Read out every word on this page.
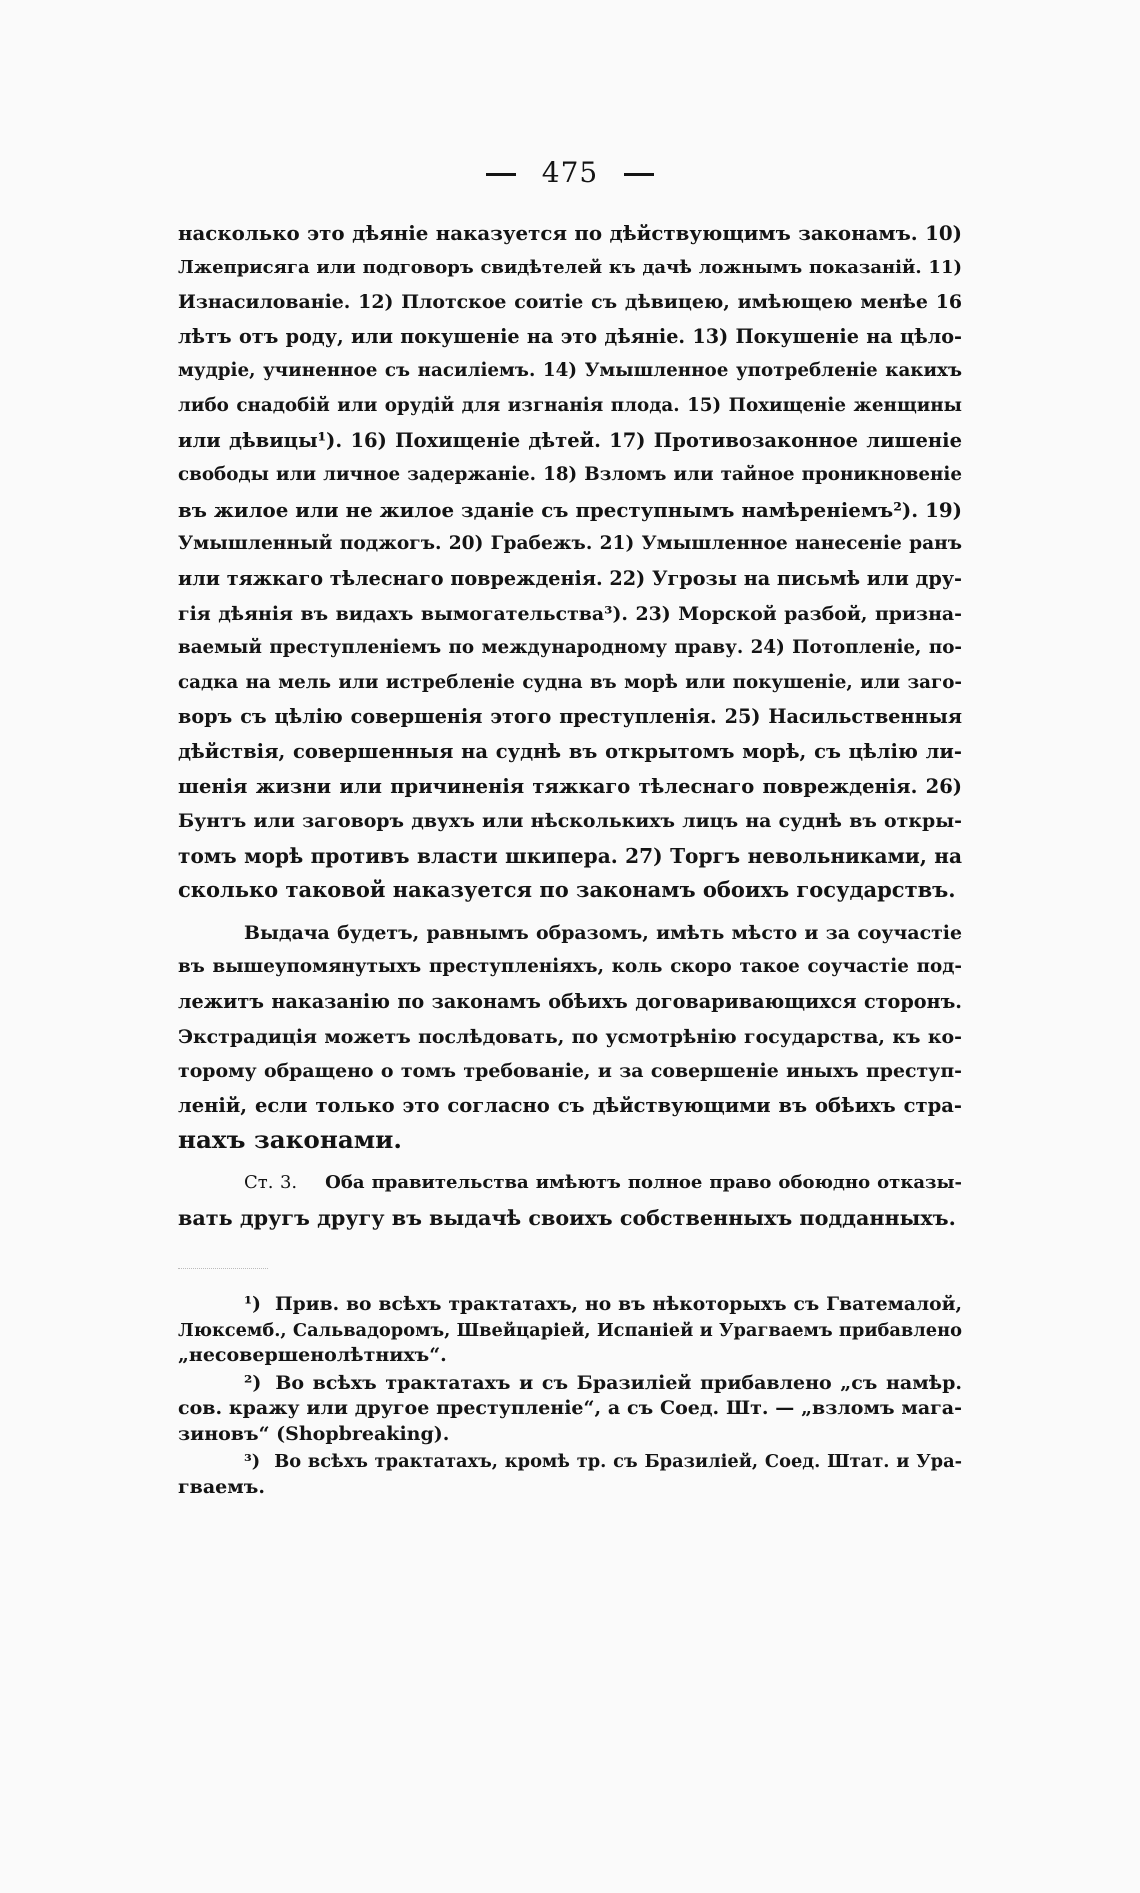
475

насколько это дѣяніе наказуется по дѣйствующимъ законамъ. 10)
Лжеприсяга или подговоръ свидѣтелей къ дачѣ ложнымъ показаній. 11)
Изнасилованіе. 12) Плотское соитіе съ дѣвицею, имѣющею менѣе 16
лѣтъ отъ роду, или покушеніе на это дѣяніе. 13) Покушеніе на цѣло-
мудріе, учиненное съ насиліемъ. 14) Умышленное употребленіе какихъ
либо снадобій или орудій для изгнанія плода. 15) Похищеніе женщины
или дѣвицы¹). 16) Похищеніе дѣтей. 17) Противозаконное лишеніе
свободы или личное задержаніе. 18) Взломъ или тайное проникновеніе
въ жилое или не жилое зданіе съ преступнымъ намѣреніемъ²). 19)
Умышленный поджогъ. 20) Грабежъ. 21) Умышленное нанесеніе ранъ
или тяжкаго тѣлеснаго поврежденія. 22) Угрозы на письмѣ или дру-
гія дѣянія въ видахъ вымогательства³). 23) Морской разбой, призна-
ваемый преступленіемъ по международному праву. 24) Потопленіе, по-
садка на мель или истребленіе судна въ морѣ или покушеніе, или заго-
воръ съ цѣлію совершенія этого преступленія. 25) Насильственныя
дѣйствія, совершенныя на суднѣ въ открытомъ морѣ, съ цѣлію ли-
шенія жизни или причиненія тяжкаго тѣлеснаго поврежденія. 26)
Бунтъ или заговоръ двухъ или нѣсколькихъ лицъ на суднѣ въ откры-
томъ морѣ противъ власти шкипера. 27) Торгъ невольниками, на
сколько таковой наказуется по законамъ обоихъ государствъ.

Выдача будетъ, равнымъ образомъ, имѣть мѣсто и за соучастіе
въ вышеупомянутыхъ преступленіяхъ, коль скоро такое соучастіе под-
лежитъ наказанію по законамъ обѣихъ договаривающихся сторонъ.
Экстрадиція можетъ послѣдовать, по усмотрѣнію государства, къ ко-
торому обращено о томъ требованіе, и за совершеніе иныхъ преступ-
леній, если только это согласно съ дѣйствующими въ обѣихъ стра-
нахъ законами.

Ст. 3. Оба правительства имѣютъ полное право обоюдно отказы-
вать другъ другу въ выдачѣ своихъ собственныхъ подданныхъ.

¹) Прив. во всѣхъ трактатахъ, но въ нѣкоторыхъ съ Гватемалой,
Люксемб., Сальвадоромъ, Швейцаріей, Испаніей и Урагваемъ прибавлено
„несовершенолѣтнихъ“.
²) Во всѣхъ трактатахъ и съ Бразиліей прибавлено „съ намѣр.
сов. кражу или другое преступленіе“, а съ Соед. Шт. — „взломъ мага-
зиновъ“ (Shopbreaking).
³) Во всѣхъ трактатахъ, кромѣ тр. съ Бразиліей, Соед. Штат. и Ура-
гваемъ.
